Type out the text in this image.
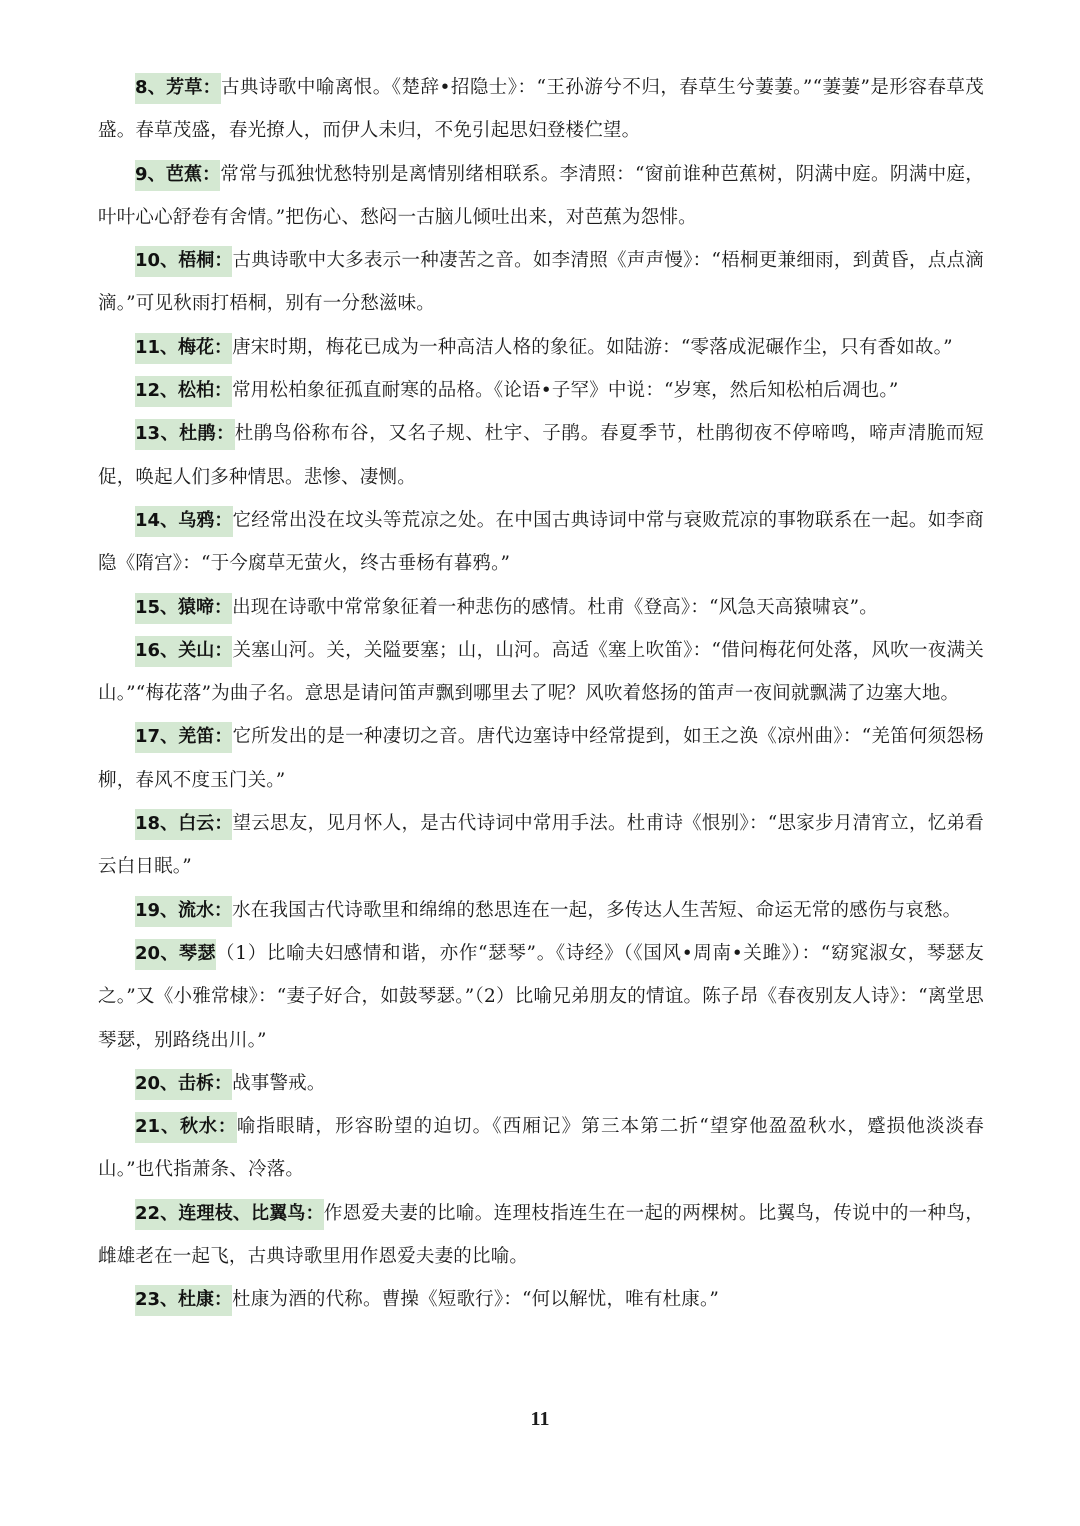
8、芳草：古典诗歌中喻离恨。《楚辞•招隐士》：“王孙游兮不归，春草生兮萋萋。”“萋萋”是形容春草茂盛。春草茂盛，春光撩人，而伊人未归，不免引起思妇登楼伫望。

9、芭蕉：常常与孤独忧愁特别是离情别绪相联系。李清照：“窗前谁种芭蕉树，阴满中庭。阴满中庭，叶叶心心舒卷有舍情。”把伤心、愁闷一古脑儿倾吐出来，对芭蕉为怨悱。

10、梧桐：古典诗歌中大多表示一种凄苦之音。如李清照《声声慢》：“梧桐更兼细雨，到黄昏，点点滴滴。”可见秋雨打梧桐，别有一分愁滋味。

11、梅花：唐宋时期，梅花已成为一种高洁人格的象征。如陆游：“零落成泥碾作尘，只有香如故。”

12、松柏：常用松柏象征孤直耐寒的品格。《论语•子罕》中说：“岁寒，然后知松柏后凋也。”

13、杜鹃：杜鹃鸟俗称布谷，又名子规、杜宇、子鹃。春夏季节，杜鹃彻夜不停啼鸣，啼声清脆而短促，唤起人们多种情思。悲惨、凄恻。

14、乌鸦：它经常出没在坟头等荒凉之处。在中国古典诗词中常与衰败荒凉的事物联系在一起。如李商隐《隋宫》：“于今腐草无萤火，终古垂杨有暮鸦。”

15、猿啼：出现在诗歌中常常象征着一种悲伤的感情。杜甫《登高》：“风急天高猿啸哀”。

16、关山：关塞山河。关，关隘要塞；山，山河。高适《塞上吹笛》：“借问梅花何处落，风吹一夜满关山。”“梅花落”为曲子名。意思是请问笛声飘到哪里去了呢？风吹着悠扬的笛声一夜间就飘满了边塞大地。

17、羌笛：它所发出的是一种凄切之音。唐代边塞诗中经常提到，如王之涣《凉州曲》：“羌笛何须怨杨柳，春风不度玉门关。”

18、白云：望云思友，见月怀人，是古代诗词中常用手法。杜甫诗《恨别》：“思家步月清宵立，忆弟看云白日眠。”

19、流水：水在我国古代诗歌里和绵绵的愁思连在一起，多传达人生苦短、命运无常的感伤与哀愁。

20、琴瑟（1）比喻夫妇感情和谐，亦作“瑟琴”。《诗经》（《国风•周南•关雎》）：“窈窕淑女，琴瑟友之。”又《小雅常棣》：“妻子好合，如鼓琴瑟。”（2）比喻兄弟朋友的情谊。陈子昂《春夜别友人诗》：“离堂思琴瑟，别路绕出川。”

20、击柝：战事警戒。

21、秋水：喻指眼睛，形容盼望的迫切。《西厢记》第三本第二折“望穿他盈盈秋水，蹙损他淡淡春山。”也代指萧条、冷落。

22、连理枝、比翼鸟：作恩爱夫妻的比喻。连理枝指连生在一起的两棵树。比翼鸟，传说中的一种鸟，雌雄老在一起飞，古典诗歌里用作恩爱夫妻的比喻。

23、杜康：杜康为酒的代称。曹操《短歌行》：“何以解忧，唯有杜康。”

11
